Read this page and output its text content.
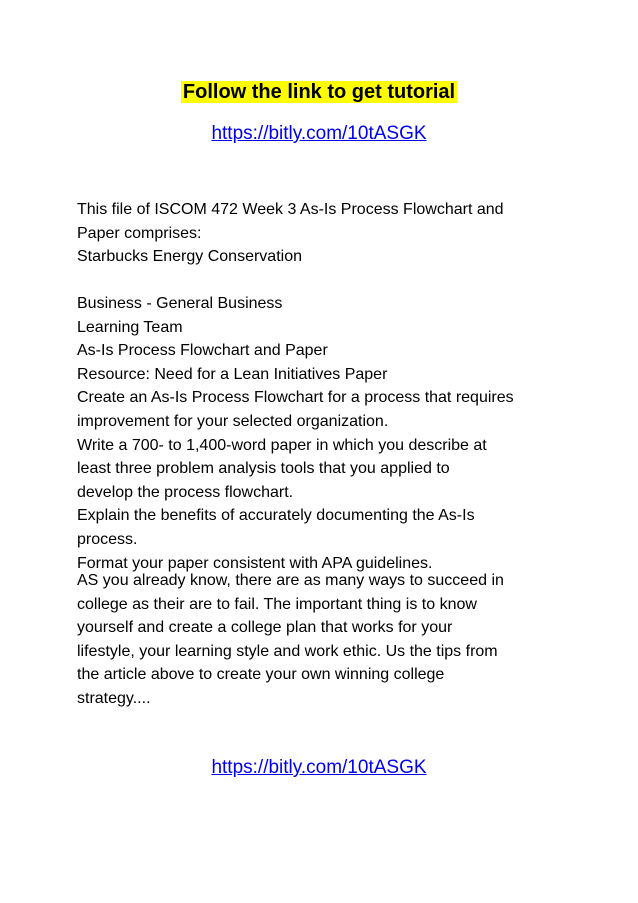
Follow the link to get tutorial
https://bitly.com/10tASGK
This file of ISCOM 472 Week 3 As-Is Process Flowchart and
Paper comprises:
Starbucks Energy Conservation
Business - General Business
Learning Team
As-Is Process Flowchart and Paper
Resource: Need for a Lean Initiatives Paper
Create an As-Is Process Flowchart for a process that requires
improvement for your selected organization.
Write a 700- to 1,400-word paper in which you describe at
least three problem analysis tools that you applied to
develop the process flowchart.
Explain the benefits of accurately documenting the As-Is
process.
Format your paper consistent with APA guidelines.
AS you already know, there are as many ways to succeed in
college as their are to fail. The important thing is to know
yourself and create a college plan that works for your
lifestyle, your learning style and work ethic. Us the tips from
the article above to create your own winning college
strategy....
https://bitly.com/10tASGK
